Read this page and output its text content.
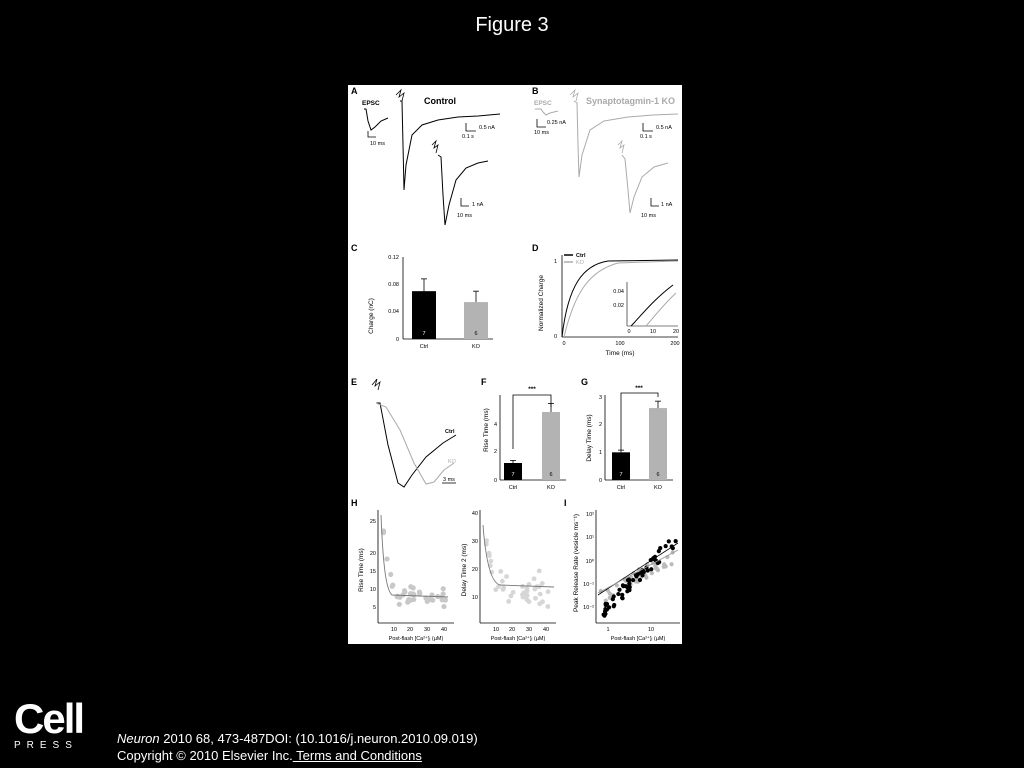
Figure 3
A
EPSC
10 ms
Control
0.5 nA
0.1 s
1 nA
10 ms
B
EPSC
0.25 nA
10 ms
Synaptotagmin-1 KO
0.5 nA
0.1 s
1 nA
10 ms
C
Charge (nC)
0.12
0.08
0.04
0
7
Ctrl
6
KO
D
Normalized Charge
1
0
0	100	200
Time (ms)
Ctrl
KO
0.04
0.02
0	10	20
E
Ctrl
KO
3 ms
F
Rise Time (ms) 4
2
0
***
7
Ctrl
6
KO
G
Delay Time (ms)
3
2
1
0
***
7
Ctrl
6
KO
H
Rise Time (ms)
25
20
15
10
5
10 20 30 40
Post-flash [Ca²⁺]ᵢ (µM)
Delay Time 2 (ms)
40
30
20
10
10 20 30 40
Post-flash [Ca²⁺]ᵢ (µM)
I
Peak Release Rate (vesicle ms⁻¹) 10²
10¹
10⁰
10⁻¹
10⁻²
1	10
Post-flash [Ca²⁺]ᵢ (µM)
Cell
PRESS	Neuron 2010 68, 473-487DOI: (10.1016/j.neuron.2010.09.019)
Copyright © 2010 Elsevier Inc. Terms and Conditions
